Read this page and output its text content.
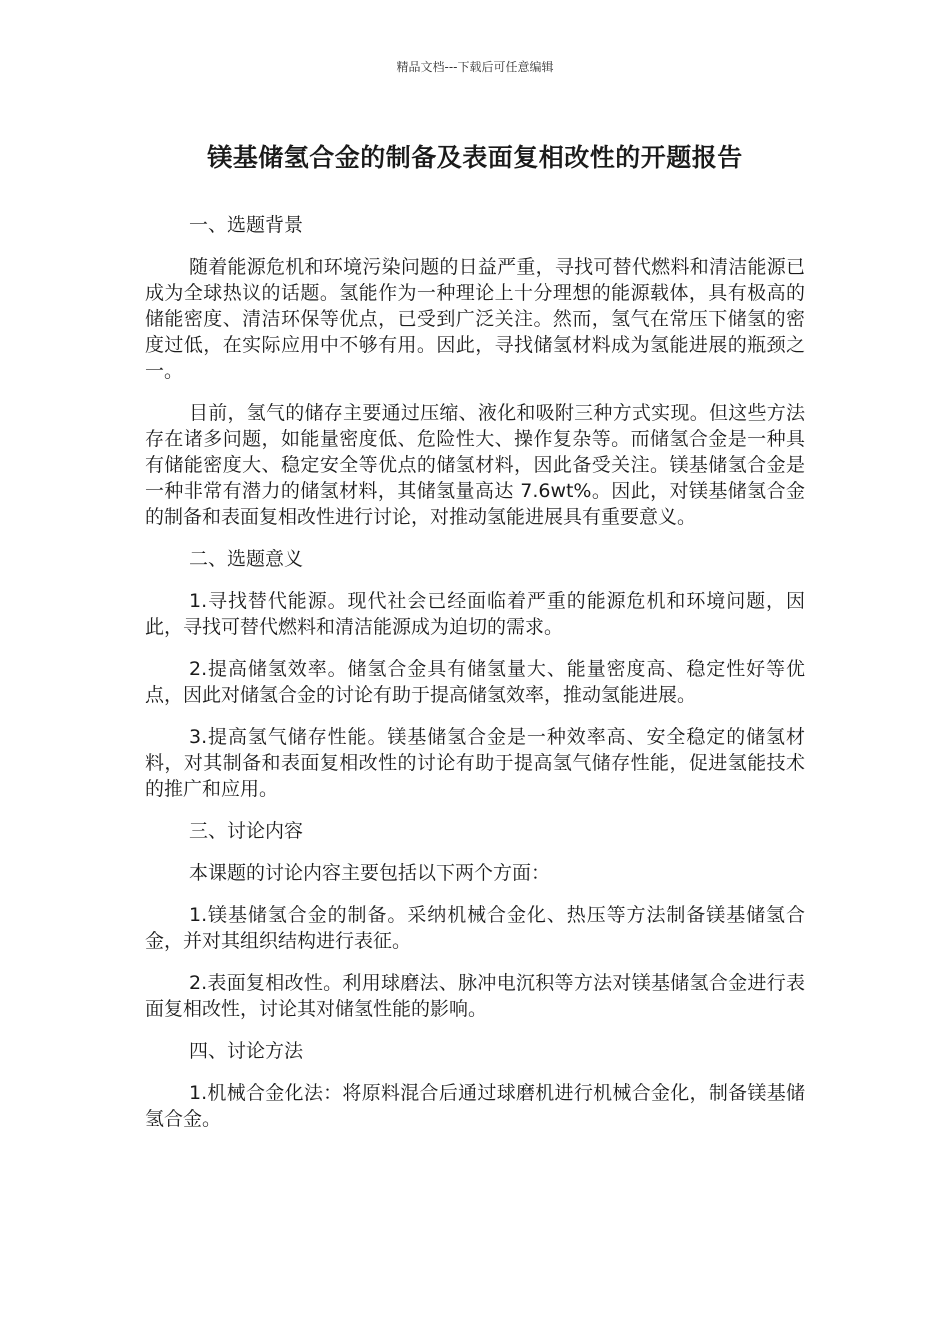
精品文档---下载后可任意编辑
镁基储氢合金的制备及表面复相改性的开题报告

一、选题背景

随着能源危机和环境污染问题的日益严重，寻找可替代燃料和清洁能源已成为全球热议的话题。氢能作为一种理论上十分理想的能源载体，具有极高的储能密度、清洁环保等优点，已受到广泛关注。然而，氢气在常压下储氢的密度过低，在实际应用中不够有用。因此，寻找储氢材料成为氢能进展的瓶颈之一。

目前，氢气的储存主要通过压缩、液化和吸附三种方式实现。但这些方法存在诸多问题，如能量密度低、危险性大、操作复杂等。而储氢合金是一种具有储能密度大、稳定安全等优点的储氢材料，因此备受关注。镁基储氢合金是一种非常有潜力的储氢材料，其储氢量高达 7.6wt%。因此，对镁基储氢合金的制备和表面复相改性进行讨论，对推动氢能进展具有重要意义。

二、选题意义

1.寻找替代能源。现代社会已经面临着严重的能源危机和环境问题，因此，寻找可替代燃料和清洁能源成为迫切的需求。

2.提高储氢效率。储氢合金具有储氢量大、能量密度高、稳定性好等优点，因此对储氢合金的讨论有助于提高储氢效率，推动氢能进展。

3.提高氢气储存性能。镁基储氢合金是一种效率高、安全稳定的储氢材料，对其制备和表面复相改性的讨论有助于提高氢气储存性能，促进氢能技术的推广和应用。

三、讨论内容

本课题的讨论内容主要包括以下两个方面：

1.镁基储氢合金的制备。采纳机械合金化、热压等方法制备镁基储氢合金，并对其组织结构进行表征。

2.表面复相改性。利用球磨法、脉冲电沉积等方法对镁基储氢合金进行表面复相改性，讨论其对储氢性能的影响。

四、讨论方法

1.机械合金化法：将原料混合后通过球磨机进行机械合金化，制备镁基储氢合金。
